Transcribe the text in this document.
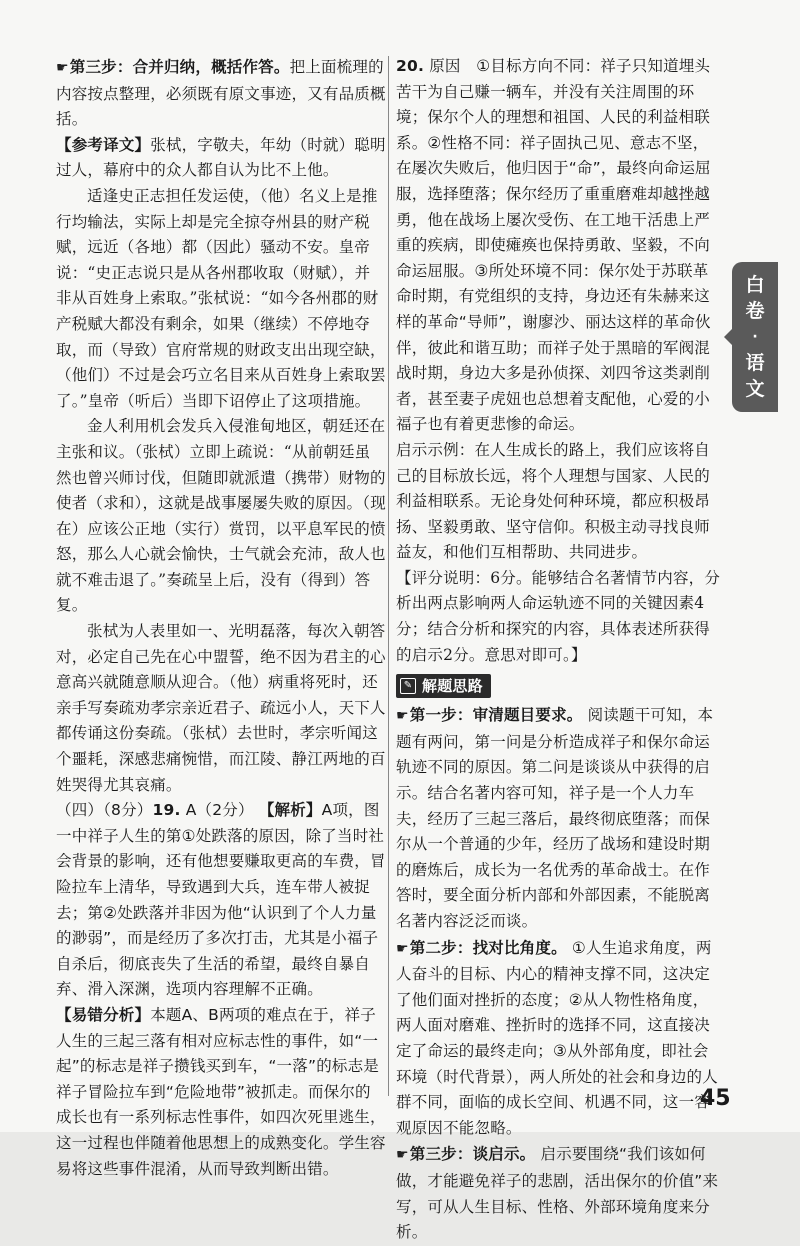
☛第三步：合并归纳，概括作答。把上面梳理的内容按点整理，必须既有原文事迹，又有品质概括。

【参考译文】张栻，字敬夫，年幼（时就）聪明过人，幕府中的众人都自认为比不上他。

适逢史正志担任发运使，（他）名义上是推行均输法，实际上却是完全掠夺州县的财产税赋，远近（各地）都（因此）骚动不安。皇帝说：“史正志说只是从各州郡收取（财赋），并非从百姓身上索取。”张栻说：“如今各州郡的财产税赋大都没有剩余，如果（继续）不停地夺取，而（导致）官府常规的财政支出出现空缺，（他们）不过是会巧立名目来从百姓身上索取罢了。”皇帝（听后）当即下诏停止了这项措施。

金人利用机会发兵入侵淮甸地区，朝廷还在主张和议。（张栻）立即上疏说：“从前朝廷虽然也曾兴师讨伐，但随即就派遣（携带）财物的使者（求和），这就是战事屡屡失败的原因。（现在）应该公正地（实行）赏罚，以平息军民的愤怒，那么人心就会愉快，士气就会充沛，敌人也就不难击退了。”奏疏呈上后，没有（得到）答复。

张栻为人表里如一、光明磊落，每次入朝答对，必定自己先在心中盟誓，绝不因为君主的心意高兴就随意顺从迎合。（他）病重将死时，还亲手写奏疏劝孝宗亲近君子、疏远小人，天下人都传诵这份奏疏。（张栻）去世时，孝宗听闻这个噩耗，深感悲痛惋惜，而江陵、静江两地的百姓哭得尤其哀痛。

（四）（8分）19. A（2分） 【解析】A项，图一中祥子人生的第①处跌落的原因，除了当时社会背景的影响，还有他想要赚取更高的车费，冒险拉车上清华，导致遇到大兵，连车带人被捉去；第②处跌落并非因为他“认识到了个人力量的渺弱”，而是经历了多次打击，尤其是小福子自杀后，彻底丧失了生活的希望，最终自暴自弃、滑入深渊，选项内容理解不正确。

【易错分析】本题A、B两项的难点在于，祥子人生的三起三落有相对应标志性的事件，如“一起”的标志是祥子攒钱买到车，“一落”的标志是祥子冒险拉车到“危险地带”被抓走。而保尔的成长也有一系列标志性事件，如四次死里逃生，这一过程也伴随着他思想上的成熟变化。学生容易将这些事件混淆，从而导致判断出错。

20. 原因　①目标方向不同：祥子只知道埋头苦干为自己赚一辆车，并没有关注周围的环境；保尔个人的理想和祖国、人民的利益相联系。②性格不同：祥子固执己见、意志不坚，在屡次失败后，他归因于“命”，最终向命运屈服，选择堕落；保尔经历了重重磨难却越挫越勇，他在战场上屡次受伤、在工地干活患上严重的疾病，即使瘫痪也保持勇敢、坚毅，不向命运屈服。③所处环境不同：保尔处于苏联革命时期，有党组织的支持，身边还有朱赫来这样的革命“导师”，谢廖沙、丽达这样的革命伙伴，彼此和谐互助；而祥子处于黑暗的军阀混战时期，身边大多是孙侦探、刘四爷这类剥削者，甚至妻子虎妞也总想着支配他，心爱的小福子也有着更悲惨的命运。

启示示例：在人生成长的路上，我们应该将自己的目标放长远，将个人理想与国家、人民的利益相联系。无论身处何种环境，都应积极昂扬、坚毅勇敢、坚守信仰。积极主动寻找良师益友，和他们互相帮助、共同进步。

【评分说明：6分。能够结合名著情节内容，分析出两点影响两人命运轨迹不同的关键因素4分；结合分析和探究的内容，具体表述所获得的启示2分。意思对即可。】

✎ 解题思路

☛第一步：审清题目要求。 阅读题干可知，本题有两问，第一问是分析造成祥子和保尔命运轨迹不同的原因。第二问是谈谈从中获得的启示。结合名著内容可知，祥子是一个人力车夫，经历了三起三落后，最终彻底堕落；而保尔从一个普通的少年，经历了战场和建设时期的磨炼后，成长为一名优秀的革命战士。在作答时，要全面分析内部和外部因素，不能脱离名著内容泛泛而谈。

☛第二步：找对比角度。 ①人生追求角度，两人奋斗的目标、内心的精神支撑不同，这决定了他们面对挫折的态度；②从人物性格角度，两人面对磨难、挫折时的选择不同，这直接决定了命运的最终走向；③从外部角度，即社会环境（时代背景），两人所处的社会和身边的人群不同，面临的成长空间、机遇不同，这一客观原因不能忽略。

☛第三步：谈启示。 启示要围绕“我们该如何做，才能避免祥子的悲剧，活出保尔的价值”来写，可从人生目标、性格、外部环境角度来分析。

白
卷
·
语
文
45
